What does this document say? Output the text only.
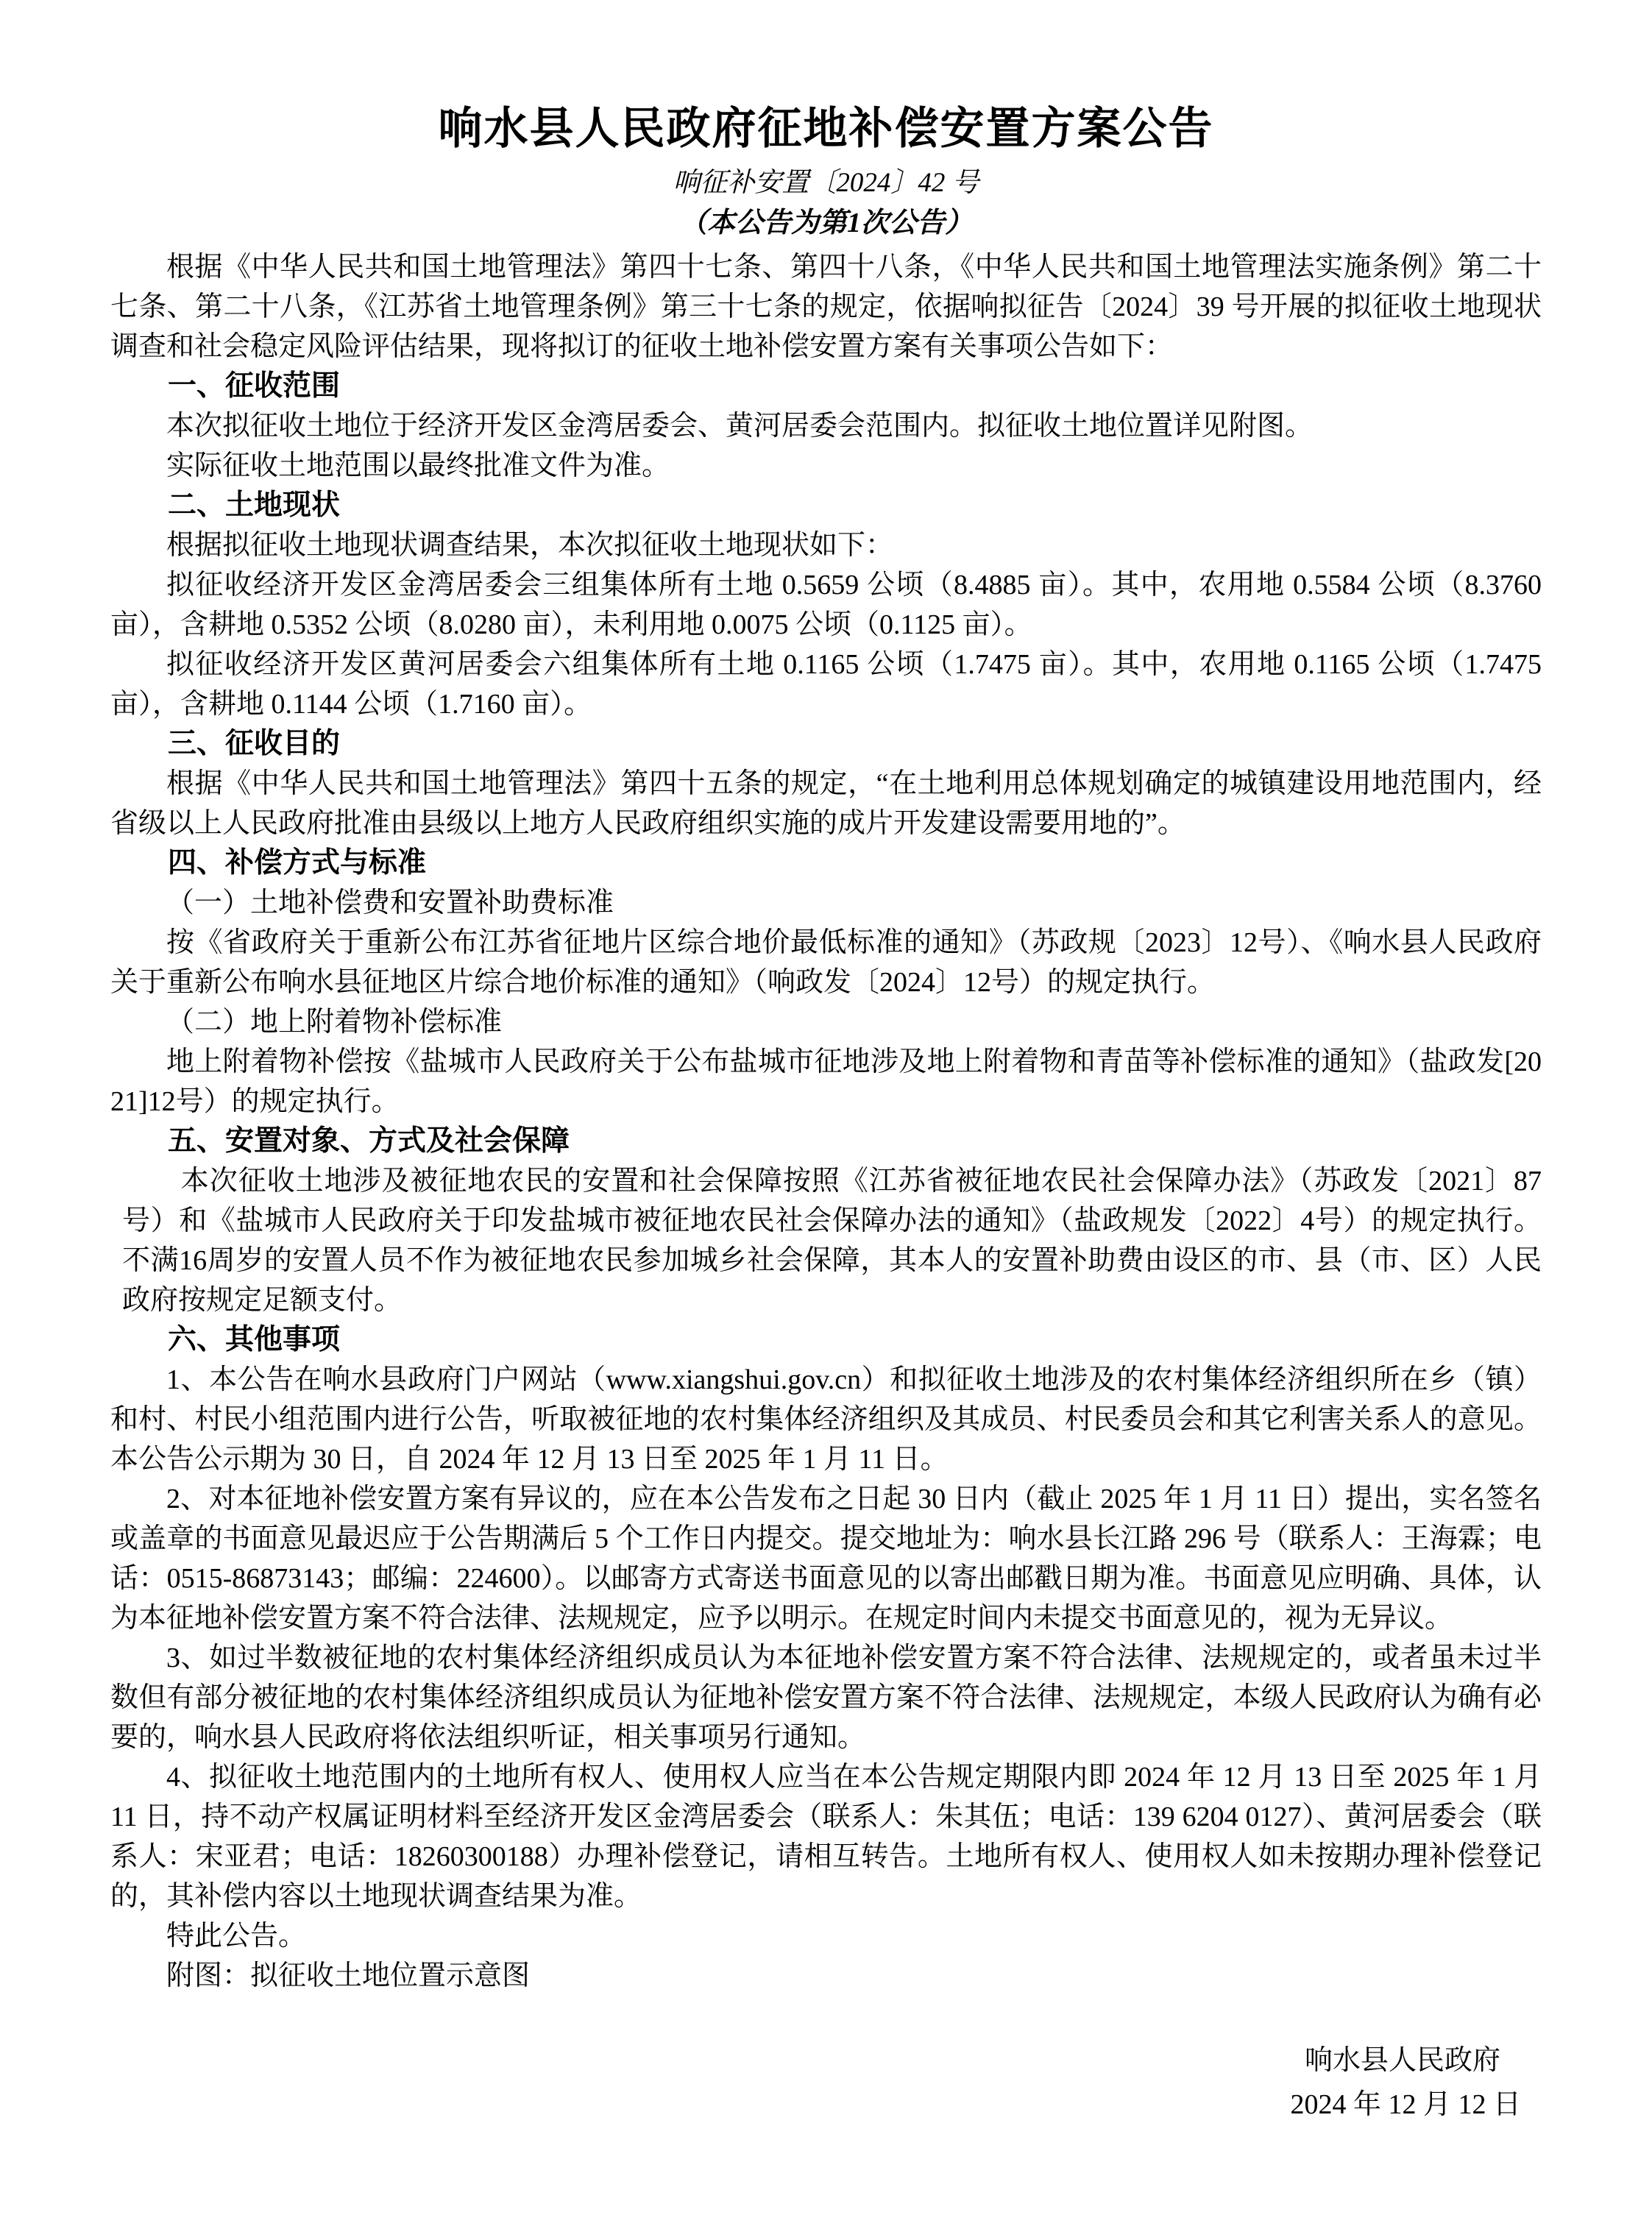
响水县人民政府征地补偿安置方案公告

响征补安置〔2024〕42 号

（本公告为第1次公告）

根据《中华人民共和国土地管理法》第四十七条、第四十八条，《中华人民共和国土地管理法实施条例》第二十七条、第二十八条，《江苏省土地管理条例》第三十七条的规定，依据响拟征告〔2024〕39 号开展的拟征收土地现状调查和社会稳定风险评估结果，现将拟订的征收土地补偿安置方案有关事项公告如下：

一、征收范围

本次拟征收土地位于经济开发区金湾居委会、黄河居委会范围内。拟征收土地位置详见附图。

实际征收土地范围以最终批准文件为准。

二、土地现状

根据拟征收土地现状调查结果，本次拟征收土地现状如下：

拟征收经济开发区金湾居委会三组集体所有土地 0.5659 公顷（8.4885 亩）。其中，农用地 0.5584 公顷（8.3760 亩），含耕地 0.5352 公顷（8.0280 亩），未利用地 0.0075 公顷（0.1125 亩）。

拟征收经济开发区黄河居委会六组集体所有土地 0.1165 公顷（1.7475 亩）。其中，农用地 0.1165 公顷（1.7475 亩），含耕地 0.1144 公顷（1.7160 亩）。

三、征收目的

根据《中华人民共和国土地管理法》第四十五条的规定，“在土地利用总体规划确定的城镇建设用地范围内，经省级以上人民政府批准由县级以上地方人民政府组织实施的成片开发建设需要用地的”。

四、补偿方式与标准

（一）土地补偿费和安置补助费标准

按《省政府关于重新公布江苏省征地片区综合地价最低标准的通知》（苏政规〔2023〕12号）、《响水县人民政府关于重新公布响水县征地区片综合地价标准的通知》（响政发〔2024〕12号）的规定执行。

（二）地上附着物补偿标准

地上附着物补偿按《盐城市人民政府关于公布盐城市征地涉及地上附着物和青苗等补偿标准的通知》（盐政发[2021]12号）的规定执行。

五、安置对象、方式及社会保障

本次征收土地涉及被征地农民的安置和社会保障按照《江苏省被征地农民社会保障办法》（苏政发〔2021〕87号）和《盐城市人民政府关于印发盐城市被征地农民社会保障办法的通知》（盐政规发〔2022〕4号）的规定执行。不满16周岁的安置人员不作为被征地农民参加城乡社会保障，其本人的安置补助费由设区的市、县（市、区）人民政府按规定足额支付。

六、其他事项

1、本公告在响水县政府门户网站（www.xiangshui.gov.cn）和拟征收土地涉及的农村集体经济组织所在乡（镇）和村、村民小组范围内进行公告，听取被征地的农村集体经济组织及其成员、村民委员会和其它利害关系人的意见。本公告公示期为 30 日，自 2024 年 12 月 13 日至 2025 年 1 月 11 日。

2、对本征地补偿安置方案有异议的，应在本公告发布之日起 30 日内（截止 2025 年 1 月 11 日）提出，实名签名或盖章的书面意见最迟应于公告期满后 5 个工作日内提交。提交地址为：响水县长江路 296 号（联系人：王海霖；电话：0515-86873143；邮编：224600）。以邮寄方式寄送书面意见的以寄出邮戳日期为准。书面意见应明确、具体，认为本征地补偿安置方案不符合法律、法规规定，应予以明示。在规定时间内未提交书面意见的，视为无异议。

3、如过半数被征地的农村集体经济组织成员认为本征地补偿安置方案不符合法律、法规规定的，或者虽未过半数但有部分被征地的农村集体经济组织成员认为征地补偿安置方案不符合法律、法规规定，本级人民政府认为确有必要的，响水县人民政府将依法组织听证，相关事项另行通知。

4、拟征收土地范围内的土地所有权人、使用权人应当在本公告规定期限内即 2024 年 12 月 13 日至 2025 年 1 月 11 日，持不动产权属证明材料至经济开发区金湾居委会（联系人：朱其伍；电话：139 6204 0127）、黄河居委会（联系人：宋亚君；电话：18260300188）办理补偿登记，请相互转告。土地所有权人、使用权人如未按期办理补偿登记的，其补偿内容以土地现状调查结果为准。

特此公告。

附图：拟征收土地位置示意图

响水县人民政府

2024 年 12 月 12 日
